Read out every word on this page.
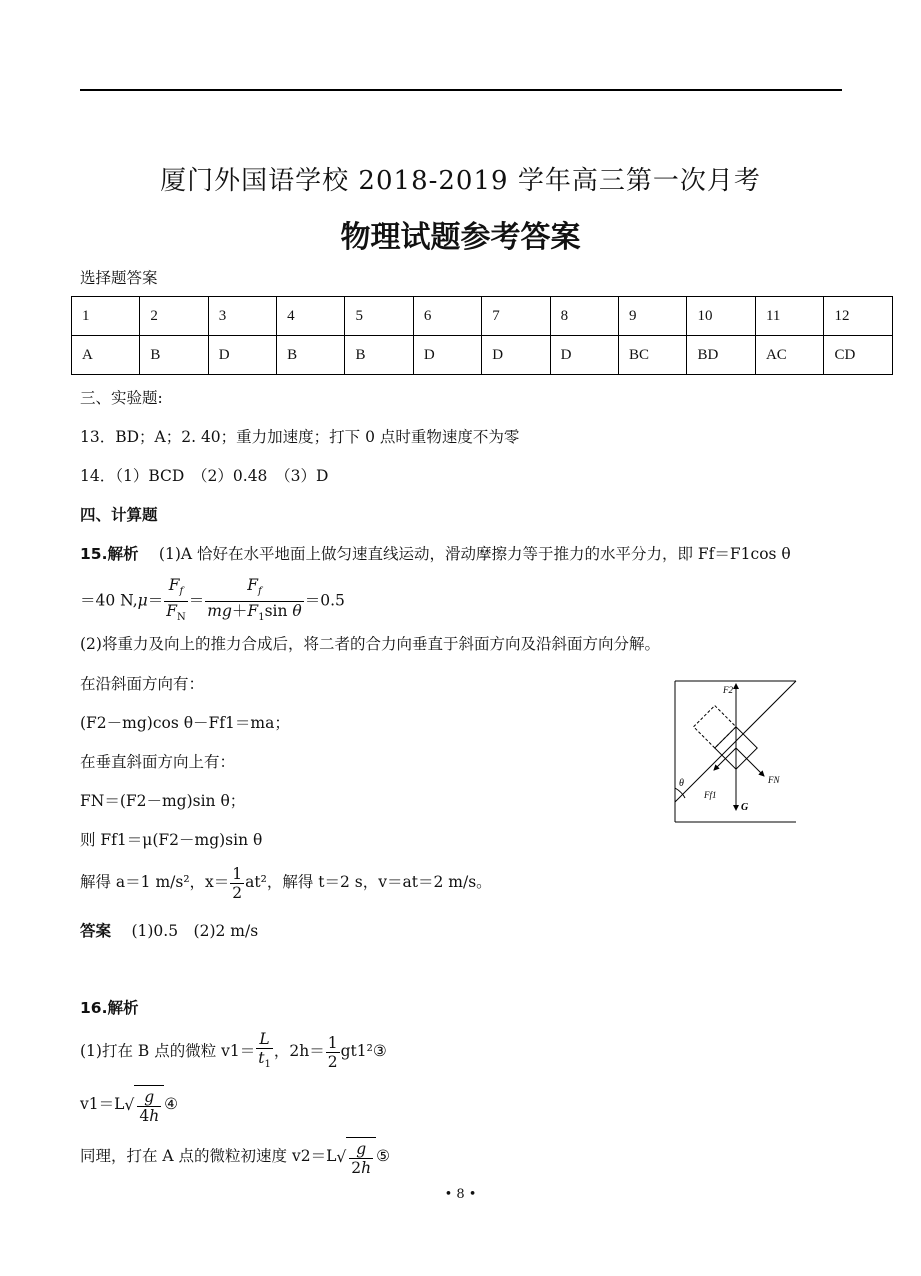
厦门外国语学校 2018-2019 学年高三第一次月考
物理试题参考答案
选择题答案
1	2	3	4	5	6	7	8	9	10	11	12
A	B	D	B	B	D	D	D	BC	BD	AC	CD
三、实验题:
13．BD；A；2. 40；重力加速度；打下 0 点时重物速度不为零
14．（1）BCD　（2）0.48　（3）D
四、计算题
15.解析　 (1)A 恰好在水平地面上做匀速直线运动，滑动摩擦力等于推力的水平分力，即 Ff＝F1cos θ
＝40 $N,\mu= \frac{F_f}{F_N} = \frac{F_f}{mg+F_1\sin \theta} =0.5$
(2)将重力及向上的推力合成后，将二者的合力向垂直于斜面方向及沿斜面方向分解。
在沿斜面方向有：
(F2－mg)cos θ－Ff1＝ma；
在垂直斜面方向上有：
FN＝(F2－mg)sin θ；
则 Ff1＝μ(F2－mg)sin θ
解得 a＝1 m/s²，$x= \frac{1}{2} at^2$，解得 t＝2 s，v＝at＝2 m/s。
答案　 (1)0.5　(2)2 m/s
F2
FN
Ff1
G
θ
16.解析
(1)打在 B 点的微粒 $v1= \frac{L}{t_1}$ ，$2h= \frac{1}{2}$ gt1²③
$v1=L√ \frac{g}{4h}$ ④
同理，打在 A 点的微粒初速度 $v2=L√ \frac{g}{2h}$ ⑤
• 8 •
